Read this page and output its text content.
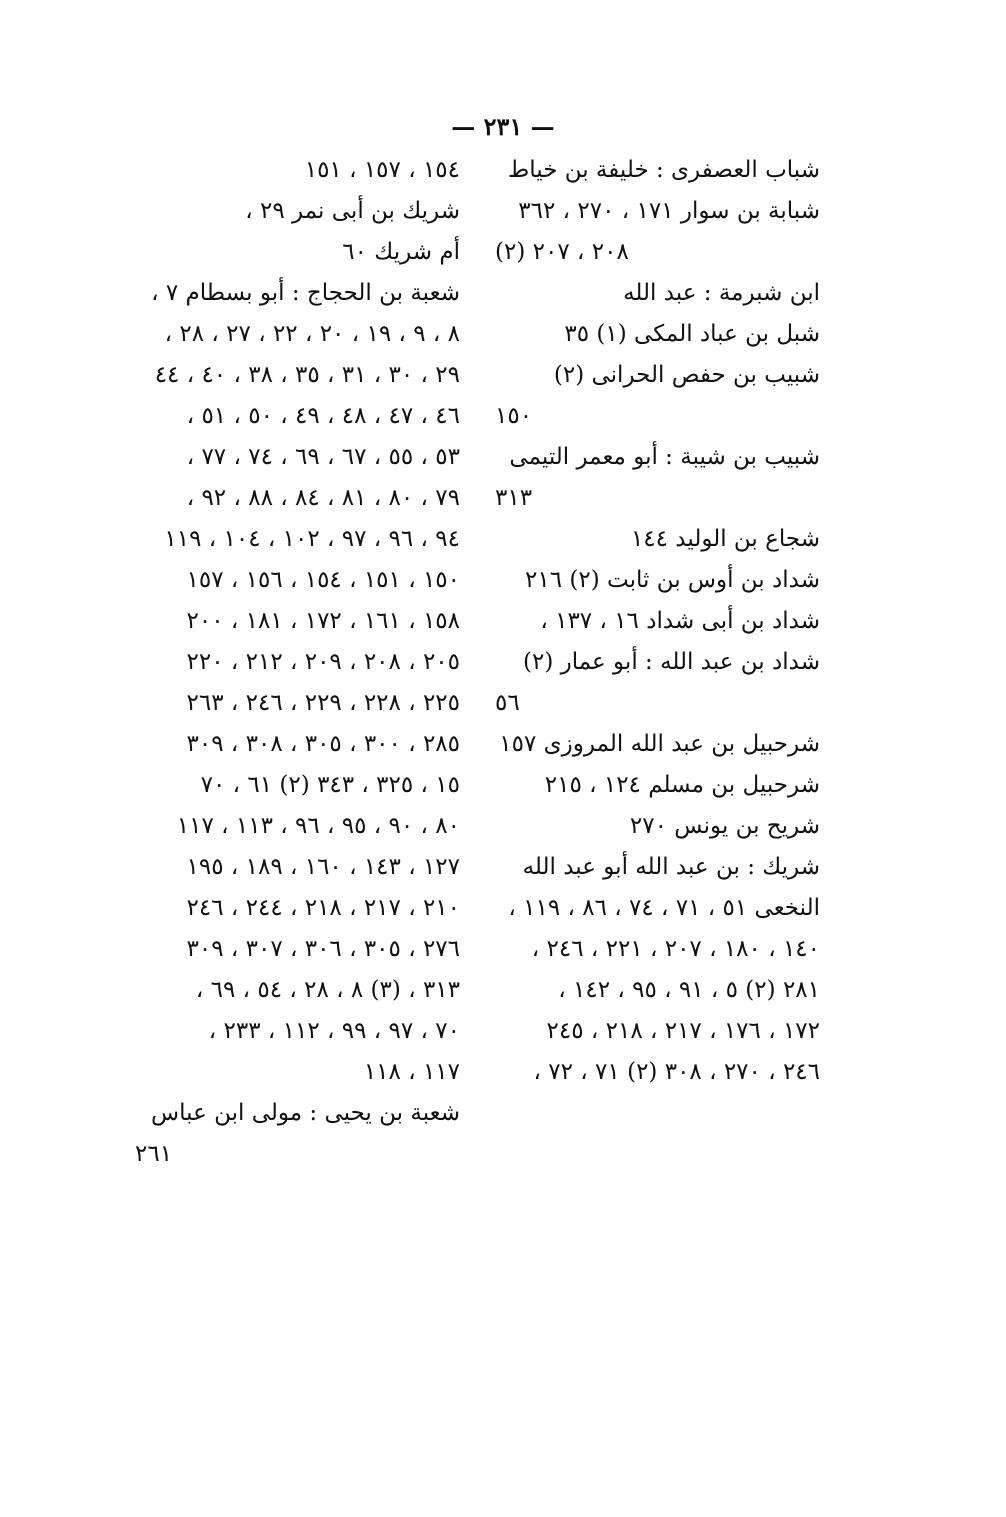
— ٢٣١ —
شباب العصفرى : خليفة بن خياط
شبابة بن سوار ١٧١ ، ٢٧٠ ، ٣٦٢
٢٠٨ ، ٢٠٧ (٢)
ابن شبرمة : عبد الله
شبل بن عباد المكى (١) ٣٥
شبيب بن حفص الحرانى (٢)
١٥٠
شبيب بن شيبة : أبو معمر التيمى
٣١٣
شجاع بن الوليد ١٤٤
شداد بن أوس بن ثابت (٢) ٢١٦
شداد بن أبى شداد ١٦ ، ١٣٧ ،
شداد بن عبد الله : أبو عمار (٢)
٥٦
شرحبيل بن عبد الله المروزى ١٥٧
شرحبيل بن مسلم ١٢٤ ، ٢١٥
شريح بن يونس ٢٧٠
شريك : بن عبد الله أبو عبد الله
النخعى ٥١ ، ٧١ ، ٧٤ ، ٨٦ ، ١١٩ ،
١٤٠ ، ١٨٠ ، ٢٠٧ ، ٢٢١ ، ٢٤٦ ،
٢٨١ (٢) ٥ ، ٩١ ، ٩٥ ، ١٤٢ ،
١٧٢ ، ١٧٦ ، ٢١٧ ، ٢١٨ ، ٢٤٥
٢٤٦ ، ٢٧٠ ، ٣٠٨ (٢) ٧١ ، ٧٢ ،
١٥٤ ، ١٥٧ ، ١٥١
شريك بن أبى نمر ٢٩ ،
أم شريك ٦٠
شعبة بن الحجاج : أبو بسطام ٧ ،
٨ ، ٩ ، ١٩ ، ٢٠ ، ٢٢ ، ٢٧ ، ٢٨ ،
٢٩ ، ٣٠ ، ٣١ ، ٣٥ ، ٣٨ ، ٤٠ ، ٤٤
٤٦ ، ٤٧ ، ٤٨ ، ٤٩ ، ٥٠ ، ٥١ ،
٥٣ ، ٥٥ ، ٦٧ ، ٦٩ ، ٧٤ ، ٧٧ ،
٧٩ ، ٨٠ ، ٨١ ، ٨٤ ، ٨٨ ، ٩٢ ،
٩٤ ، ٩٦ ، ٩٧ ، ١٠٢ ، ١٠٤ ، ١١٩
١٥٠ ، ١٥١ ، ١٥٤ ، ١٥٦ ، ١٥٧
١٥٨ ، ١٦١ ، ١٧٢ ، ١٨١ ، ٢٠٠
٢٠٥ ، ٢٠٨ ، ٢٠٩ ، ٢١٢ ، ٢٢٠
٢٢٥ ، ٢٢٨ ، ٢٢٩ ، ٢٤٦ ، ٢٦٣
٢٨٥ ، ٣٠٠ ، ٣٠٥ ، ٣٠٨ ، ٣٠٩
١٥ ، ٣٢٥ ، ٣٤٣ (٢) ٦١ ، ٧٠
٨٠ ، ٩٠ ، ٩٥ ، ٩٦ ، ١١٣ ، ١١٧
١٢٧ ، ١٤٣ ، ١٦٠ ، ١٨٩ ، ١٩٥
٢١٠ ، ٢١٧ ، ٢١٨ ، ٢٤٤ ، ٢٤٦
٢٧٦ ، ٣٠٥ ، ٣٠٦ ، ٣٠٧ ، ٣٠٩
٣١٣ ، (٣) ٨ ، ٢٨ ، ٥٤ ، ٦٩ ،
٧٠ ، ٩٧ ، ٩٩ ، ١١٢ ، ٢٣٣ ،
١١٧ ، ١١٨
شعبة بن يحيى : مولى ابن عباس
٢٦١
